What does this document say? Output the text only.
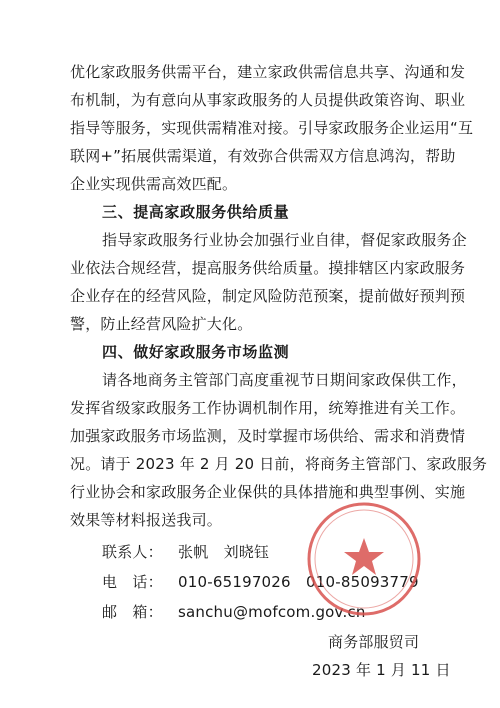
优化家政服务供需平台，建立家政供需信息共享、沟通和发
布机制，为有意向从事家政服务的人员提供政策咨询、职业
指导等服务，实现供需精准对接。引导家政服务企业运用“互
联网+”拓展供需渠道，有效弥合供需双方信息鸿沟，帮助
企业实现供需高效匹配。
三、提高家政服务供给质量
指导家政服务行业协会加强行业自律，督促家政服务企
业依法合规经营，提高服务供给质量。摸排辖区内家政服务
企业存在的经营风险，制定风险防范预案，提前做好预判预
警，防止经营风险扩大化。
四、做好家政服务市场监测
请各地商务主管部门高度重视节日期间家政保供工作，
发挥省级家政服务工作协调机制作用，统筹推进有关工作。
加强家政服务市场监测，及时掌握市场供给、需求和消费情
况。请于 2023 年 2 月 20 日前，将商务主管部门、家政服务
行业协会和家政服务企业保供的具体措施和典型事例、实施
效果等材料报送我司。
联系人： 张帆　刘晓钰
电　话： 010-65197026　010-85093779
邮　箱： sanchu@mofcom.gov.cn
商务部服贸司
2023 年 1 月 11 日
